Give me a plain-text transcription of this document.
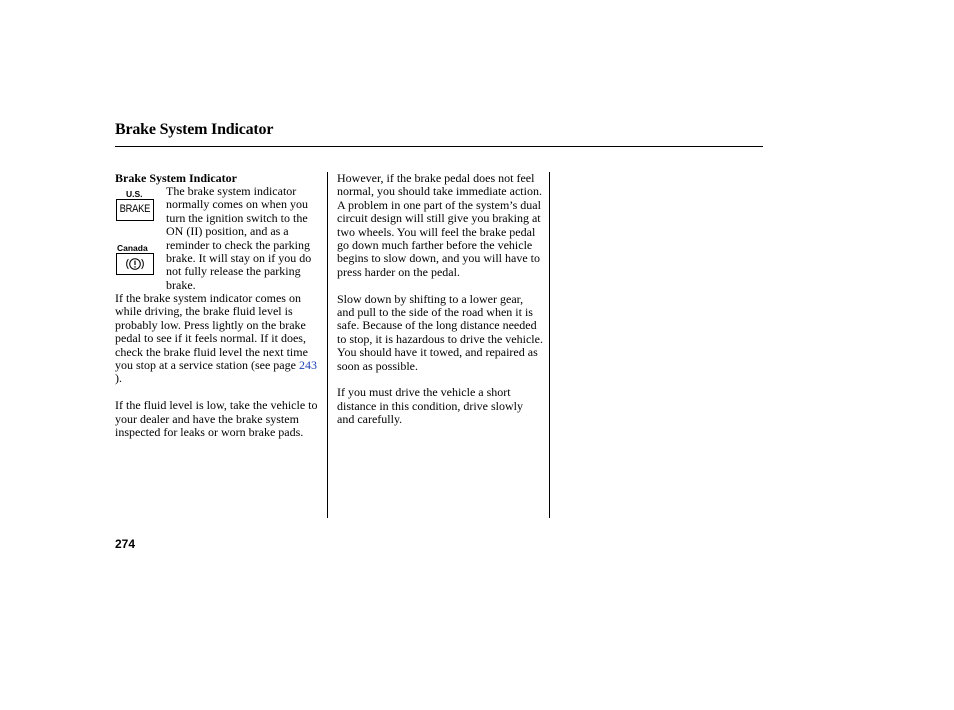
Brake System Indicator
Brake System Indicator
U.S.
BRAKE
Canada
The brake system indicator normally comes on when you turn the ignition switch to the ON (II) position, and as a reminder to check the parking brake. It will stay on if you do not fully release the parking brake.

If the brake system indicator comes on while driving, the brake fluid level is probably low. Press lightly on the brake pedal to see if it feels normal. If it does, check the brake fluid level the next time you stop at a service station (see page 243 ).

If the fluid level is low, take the vehicle to your dealer and have the brake system inspected for leaks or worn brake pads.

However, if the brake pedal does not feel normal, you should take immediate action. A problem in one part of the system’s dual circuit design will still give you braking at two wheels. You will feel the brake pedal go down much farther before the vehicle begins to slow down, and you will have to press harder on the pedal.

Slow down by shifting to a lower gear, and pull to the side of the road when it is safe. Because of the long distance needed to stop, it is hazardous to drive the vehicle. You should have it towed, and repaired as soon as possible.

If you must drive the vehicle a short distance in this condition, drive slowly and carefully.

274
